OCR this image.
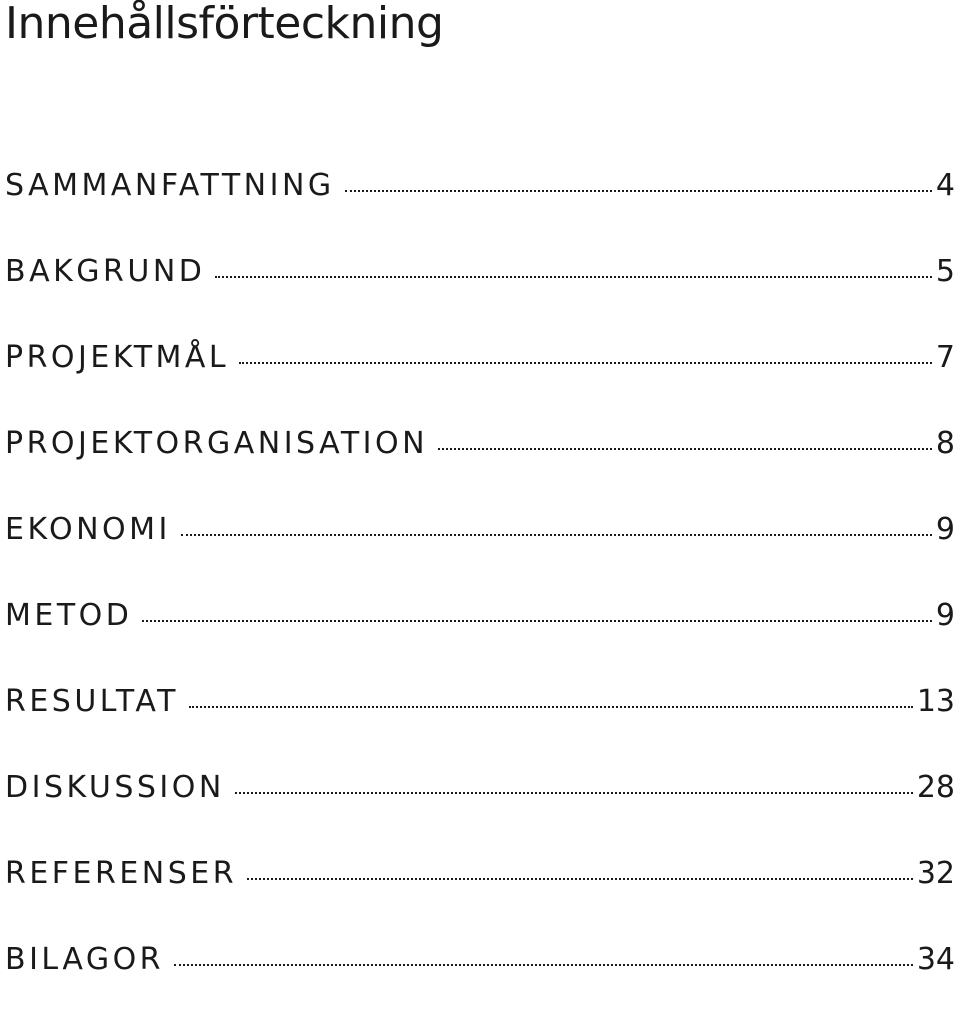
Innehållsförteckning
SAMMANFATTNING	4
BAKGRUND	5
PROJEKTMÅL	7
PROJEKTORGANISATION	8
EKONOMI	9
METOD	9
RESULTAT	13
DISKUSSION	28
REFERENSER	32
BILAGOR	34
